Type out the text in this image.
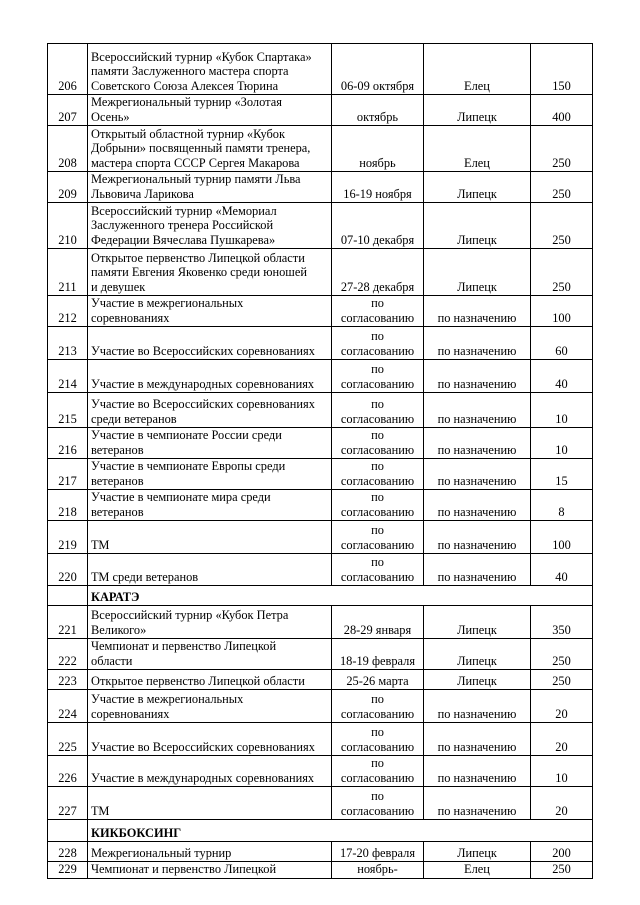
206	Всероссийский турнир «Кубок Спартака»
памяти Заслуженного мастера спорта
Советского Союза Алексея Тюрина	06-09 октября	Елец	150
207	Межрегиональный турнир «Золотая
Осень»	октябрь	Липецк	400
208	Открытый областной турнир «Кубок
Добрыни» посвященный памяти тренера,
мастера спорта СССР Сергея Макарова	ноябрь	Елец	250
209	Межрегиональный турнир памяти Льва
Львовича Ларикова	16-19 ноября	Липецк	250
210	Всероссийский турнир «Мемориал
Заслуженного тренера Российской
Федерации Вячеслава Пушкарева»	07-10 декабря	Липецк	250
211	Открытое первенство Липецкой области
памяти Евгения Яковенко среди юношей
и девушек	27-28 декабря	Липецк	250
212	Участие в межрегиональных
соревнованиях	по
согласованию	по назначению	100
213	Участие во Всероссийских соревнованиях	по
согласованию	по назначению	60
214	Участие в международных соревнованиях	по
согласованию	по назначению	40
215	Участие во Всероссийских соревнованиях
среди ветеранов	по
согласованию	по назначению	10
216	Участие в чемпионате России среди
ветеранов	по
согласованию	по назначению	10
217	Участие в чемпионате Европы среди
ветеранов	по
согласованию	по назначению	15
218	Участие в чемпионате мира среди
ветеранов	по
согласованию	по назначению	8
219	ТМ	по
согласованию	по назначению	100
220	ТМ среди ветеранов	по
согласованию	по назначению	40
	КАРАТЭ			
221	Всероссийский турнир «Кубок Петра
Великого»	28-29 января	Липецк	350
222	Чемпионат и первенство Липецкой
области	18-19 февраля	Липецк	250
223	Открытое первенство Липецкой области	25-26 марта	Липецк	250
224	Участие в межрегиональных
соревнованиях	по
согласованию	по назначению	20
225	Участие во Всероссийских соревнованиях	по
согласованию	по назначению	20
226	Участие в международных соревнованиях	по
согласованию	по назначению	10
227	ТМ	по
согласованию	по назначению	20
	КИКБОКСИНГ			
228	Межрегиональный турнир	17-20 февраля	Липецк	200
229	Чемпионат и первенство Липецкой	ноябрь-	Елец	250
